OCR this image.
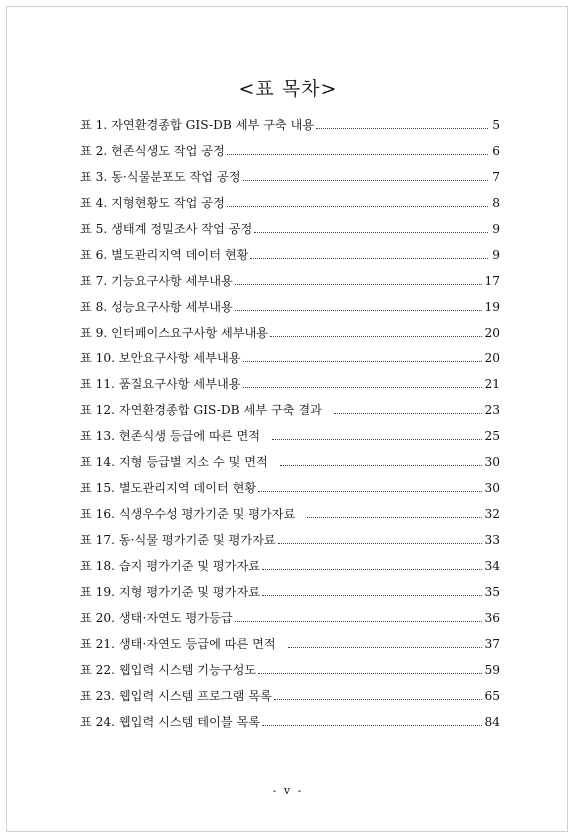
<표 목차>
표 1. 자연환경종합 GIS-DB 세부 구축 내용	5
표 2. 현존식생도 작업 공정	6
표 3. 동·식물분포도 작업 공정	7
표 4. 지형현황도 작업 공정	8
표 5. 생태계 정밀조사 작업 공정	9
표 6. 별도관리지역 데이터 현황	9
표 7. 기능요구사항 세부내용	17
표 8. 성능요구사항 세부내용	19
표 9. 인터페이스요구사항 세부내용	20
표 10. 보안요구사항 세부내용	20
표 11. 품질요구사항 세부내용	21
표 12. 자연환경종합 GIS-DB 세부 구축 결과	23
표 13. 현존식생 등급에 따른 면적	25
표 14. 지형 등급별 지소 수 및 면적	30
표 15. 별도관리지역 데이터 현황	30
표 16. 식생우수성 평가기준 및 평가자료	32
표 17. 동·식물 평가기준 및 평가자료	33
표 18. 습지 평가기준 및 평가자료	34
표 19. 지형 평가기준 및 평가자료	35
표 20. 생태·자연도 평가등급	36
표 21. 생태·자연도 등급에 따른 면적	37
표 22. 웹입력 시스템 기능구성도	59
표 23. 웹입력 시스템 프로그램 목록	65
표 24. 웹입력 시스템 테이블 목록	84
- v -
